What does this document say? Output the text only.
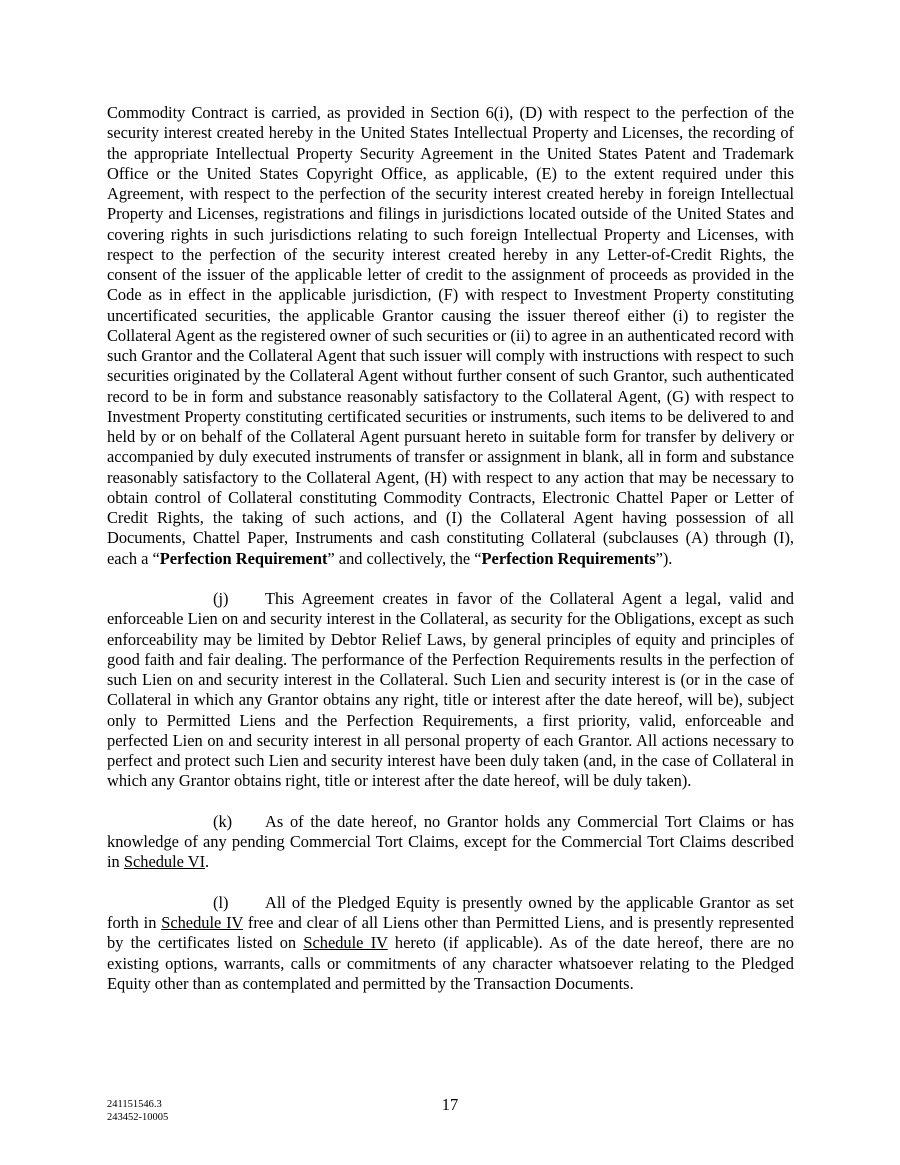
Commodity Contract is carried, as provided in Section 6(i), (D) with respect to the perfection of the security interest created hereby in the United States Intellectual Property and Licenses, the recording of the appropriate Intellectual Property Security Agreement in the United States Patent and Trademark Office or the United States Copyright Office, as applicable, (E) to the extent required under this Agreement, with respect to the perfection of the security interest created hereby in foreign Intellectual Property and Licenses, registrations and filings in jurisdictions located outside of the United States and covering rights in such jurisdictions relating to such foreign Intellectual Property and Licenses, with respect to the perfection of the security interest created hereby in any Letter-of-Credit Rights, the consent of the issuer of the applicable letter of credit to the assignment of proceeds as provided in the Code as in effect in the applicable jurisdiction, (F) with respect to Investment Property constituting uncertificated securities, the applicable Grantor causing the issuer thereof either (i) to register the Collateral Agent as the registered owner of such securities or (ii) to agree in an authenticated record with such Grantor and the Collateral Agent that such issuer will comply with instructions with respect to such securities originated by the Collateral Agent without further consent of such Grantor, such authenticated record to be in form and substance reasonably satisfactory to the Collateral Agent, (G) with respect to Investment Property constituting certificated securities or instruments, such items to be delivered to and held by or on behalf of the Collateral Agent pursuant hereto in suitable form for transfer by delivery or accompanied by duly executed instruments of transfer or assignment in blank, all in form and substance reasonably satisfactory to the Collateral Agent, (H) with respect to any action that may be necessary to obtain control of Collateral constituting Commodity Contracts, Electronic Chattel Paper or Letter of Credit Rights, the taking of such actions, and (I) the Collateral Agent having possession of all Documents, Chattel Paper, Instruments and cash constituting Collateral (subclauses (A) through (I), each a “Perfection Requirement” and collectively, the “Perfection Requirements”).

(j) This Agreement creates in favor of the Collateral Agent a legal, valid and enforceable Lien on and security interest in the Collateral, as security for the Obligations, except as such enforceability may be limited by Debtor Relief Laws, by general principles of equity and principles of good faith and fair dealing. The performance of the Perfection Requirements results in the perfection of such Lien on and security interest in the Collateral. Such Lien and security interest is (or in the case of Collateral in which any Grantor obtains any right, title or interest after the date hereof, will be), subject only to Permitted Liens and the Perfection Requirements, a first priority, valid, enforceable and perfected Lien on and security interest in all personal property of each Grantor. All actions necessary to perfect and protect such Lien and security interest have been duly taken (and, in the case of Collateral in which any Grantor obtains right, title or interest after the date hereof, will be duly taken).

(k) As of the date hereof, no Grantor holds any Commercial Tort Claims or has knowledge of any pending Commercial Tort Claims, except for the Commercial Tort Claims described in Schedule VI.

(l) All of the Pledged Equity is presently owned by the applicable Grantor as set forth in Schedule IV free and clear of all Liens other than Permitted Liens, and is presently represented by the certificates listed on Schedule IV hereto (if applicable). As of the date hereof, there are no existing options, warrants, calls or commitments of any character whatsoever relating to the Pledged Equity other than as contemplated and permitted by the Transaction Documents.

241151546.3
243452-10005
17
